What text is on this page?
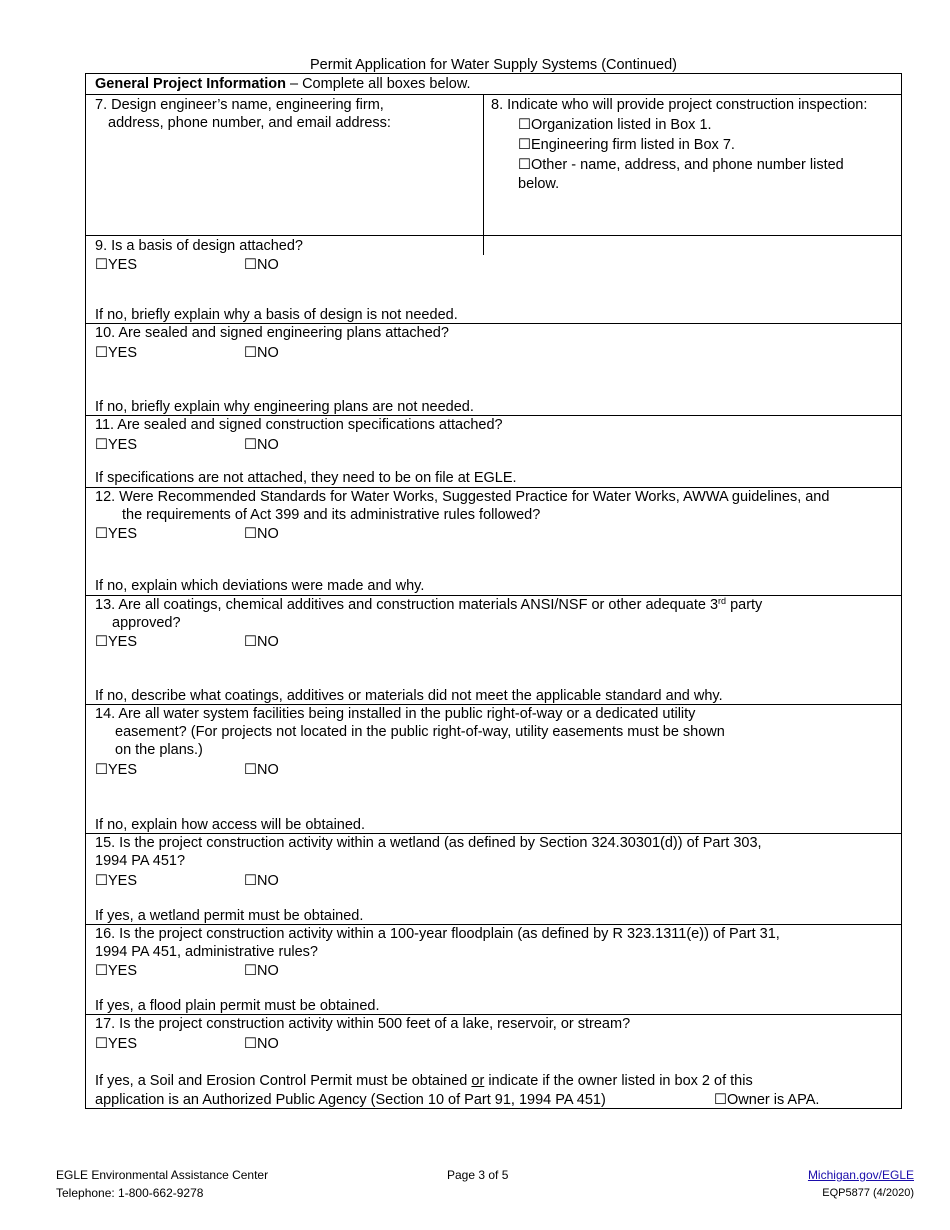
Permit Application for Water Supply Systems (Continued)
General Project Information – Complete all boxes below.
7. Design engineer’s name, engineering firm,
address, phone number, and email address:
8. Indicate who will provide project construction inspection:
☐Organization listed in Box 1.
☐Engineering firm listed in Box 7.
☐Other - name, address, and phone number listed
below.
9. Is a basis of design attached?
☐YES	☐NO
If no, briefly explain why a basis of design is not needed.
10. Are sealed and signed engineering plans attached?
☐YES	☐NO
If no, briefly explain why engineering plans are not needed.
11. Are sealed and signed construction specifications attached?
☐YES	☐NO
If specifications are not attached, they need to be on file at EGLE.
12. Were Recommended Standards for Water Works, Suggested Practice for Water Works, AWWA guidelines, and
the requirements of Act 399 and its administrative rules followed?
☐YES	☐NO
If no, explain which deviations were made and why.
13. Are all coatings, chemical additives and construction materials ANSI/NSF or other adequate 3rd party
approved?
☐YES	☐NO
If no, describe what coatings, additives or materials did not meet the applicable standard and why.
14. Are all water system facilities being installed in the public right-of-way or a dedicated utility
easement? (For projects not located in the public right-of-way, utility easements must be shown
on the plans.)
☐YES	☐NO
If no, explain how access will be obtained.
15. Is the project construction activity within a wetland (as defined by Section 324.30301(d)) of Part 303,
1994 PA 451?
☐YES	☐NO
If yes, a wetland permit must be obtained.
16. Is the project construction activity within a 100-year floodplain (as defined by R 323.1311(e)) of Part 31,
1994 PA 451, administrative rules?
☐YES	☐NO
If yes, a flood plain permit must be obtained.
17. Is the project construction activity within 500 feet of a lake, reservoir, or stream?
☐YES	☐NO
If yes, a Soil and Erosion Control Permit must be obtained or indicate if the owner listed in box 2 of this
application is an Authorized Public Agency (Section 10 of Part 91, 1994 PA 451)	☐Owner is APA.
EGLE Environmental Assistance Center
Telephone: 1-800-662-9278
Page 3 of 5	Michigan.gov/EGLE
EQP5877 (4/2020)
